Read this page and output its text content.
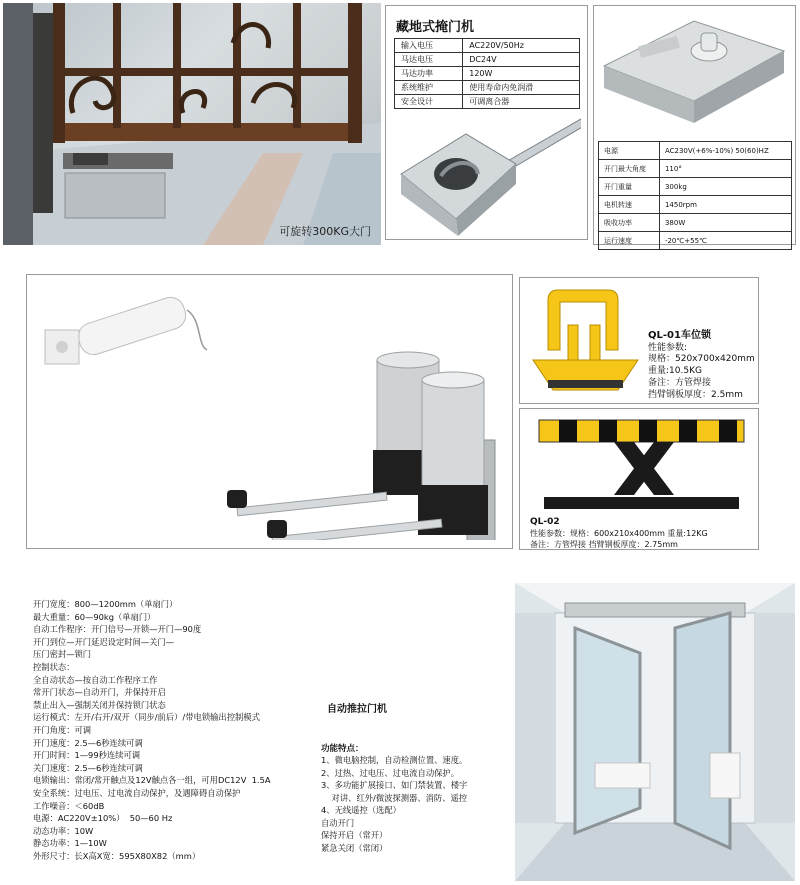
可旋转300KG大门
藏地式掩门机
输入电压	AC220V/50Hz
马达电压	DC24V
马达功率	120W
系统维护	使用寿命内免润滑
安全设计	可调离合器
电源	AC230V(+6%-10%) 50(60)HZ
开门最大角度	110°
开门重量	300kg
电机转速	1450rpm
吸收功率	380W
运行速度	-20℃+55℃
QL-01车位锁
性能参数:
规格：520x700x420mm
重量:10.5KG
备注：方管焊接
挡臂钢板厚度：2.5mm
QL-02
性能参数：规格：600x210x400mm 重量:12KG
备注：方管焊接 挡臂钢板厚度：2.75mm
开门宽度：800—1200mm（单扇门）
最大重量：60—90kg（单扇门）
自动工作程序：开门信号—开锁—开门—90度
开门到位—开门延迟设定时间—关门—
压门密封—锁门
控制状态：
全自动状态—按自动工作程序工作
常开门状态—自动开门，并保持开启
禁止出入—强制关闭并保持锁门状态
运行模式：左开/右开/双开（同步/前后）/带电锁输出控制模式
开门角度：可调
开门速度：2.5—6秒连续可调
开门时间：1—99秒连续可调
关门速度：2.5—6秒连续可调
电锁输出：常闭/常开触点及12V触点各一组，可用DC12V  1.5A
安全系统：过电压、过电流自动保护，及遇障碍自动保护
工作噪音：＜60dB
电源：AC220V±10%）  50—60 Hz
动态功率：10W
静态功率：1—10W
外形尺寸：长X高X宽：595X80X82（mm）
自动推拉门机
功能特点：
1、微电脑控制，自动检测位置、速度。
2、过热、过电压、过电流自动保护。
3、多功能扩展接口、如门禁装置、楼宇
对讲、红外/微波探测器、消防、遥控
4、无线遥控（选配）
自动开门
保持开启（常开）
紧急关闭（常闭）
